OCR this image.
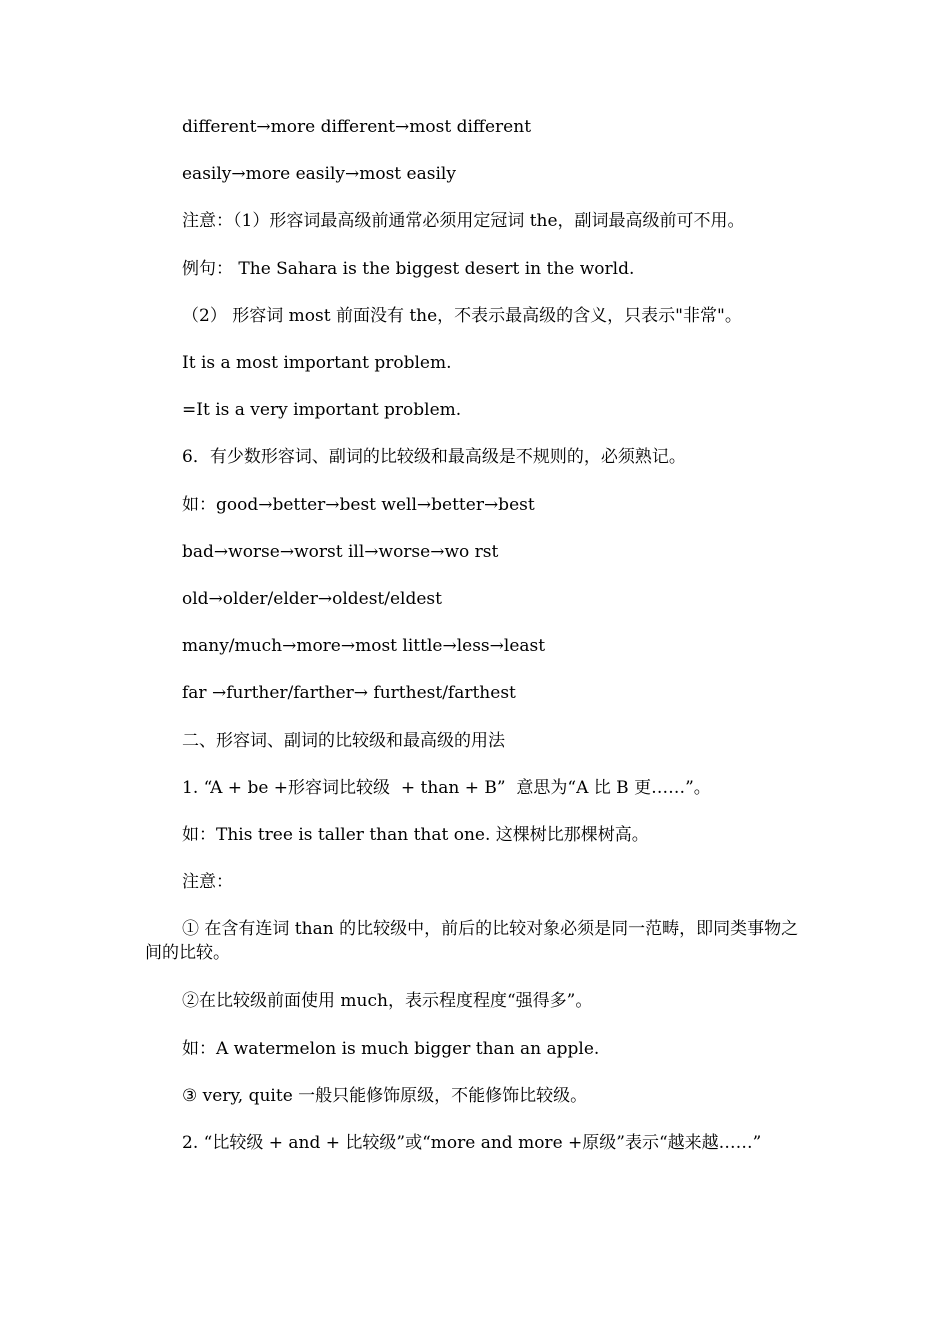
different→more different→most different
easily→more easily→most easily
注意：（1）形容词最高级前通常必须用定冠词 the，副词最高级前可不用。
例句： The Sahara is the biggest desert in the world.
（2） 形容词 most 前面没有 the，不表示最高级的含义，只表示"非常"。
It is a most important problem.
=It is a very important problem.
6．有少数形容词、副词的比较级和最高级是不规则的，必须熟记。
如：good→better→best well→better→best
bad→worse→worst ill→worse→wo rst
old→older/elder→oldest/eldest
many/much→more→most little→less→least
far →further/farther→ furthest/farthest
二、形容词、副词的比较级和最高级的用法
1. “A + be +形容词比较级  + than + B”  意思为“A 比 B 更……”。
如：This tree is taller than that one. 这棵树比那棵树高。
注意：
① 在含有连词 than 的比较级中，前后的比较对象必须是同一范畴，即同类事物之间的比较。
②在比较级前面使用 much，表示程度程度“强得多”。
如：A watermelon is much bigger than an apple.
③ very, quite 一般只能修饰原级，不能修饰比较级。
2. “比较级 + and + 比较级”或“more and more +原级”表示“越来越……”
